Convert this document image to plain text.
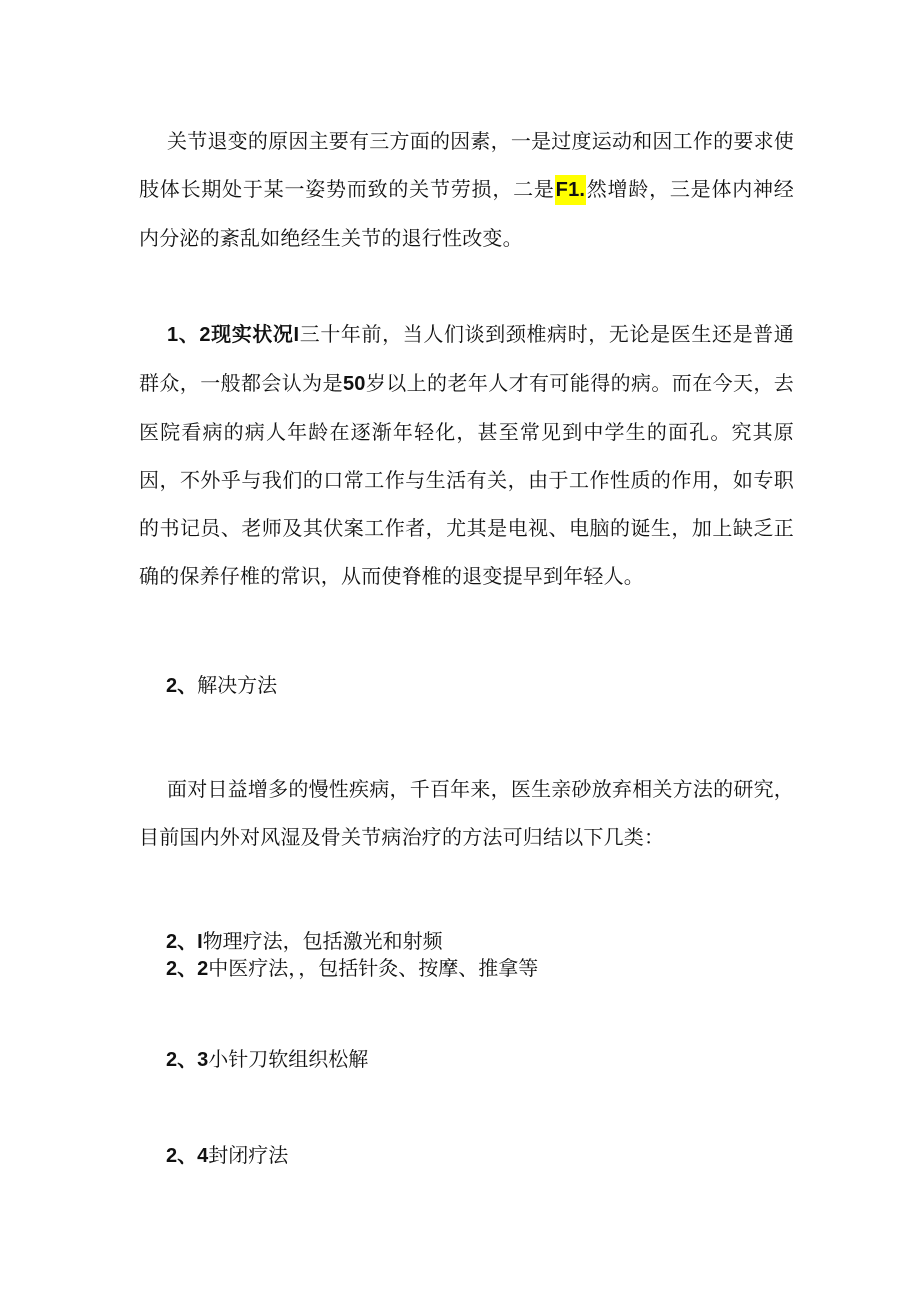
关节退变的原因主要有三方面的因素，一是过度运动和因工作的要求使肢体长期处于某一姿势而致的关节劳损，二是F1.然增龄，三是体内神经内分泌的紊乱如绝经生关节的退行性改变。

1、2现实状况I三十年前，当人们谈到颈椎病时，无论是医生还是普通群众，一般都会认为是50岁以上的老年人才有可能得的病。而在今天，去医院看病的病人年龄在逐渐年轻化，甚至常见到中学生的面孔。究其原因，不外乎与我们的口常工作与生活有关，由于工作性质的作用，如专职的书记员、老师及其伏案工作者，尤其是电视、电脑的诞生，加上缺乏正确的保养仔椎的常识，从而使脊椎的退变提早到年轻人。

2、解决方法

面对日益增多的慢性疾病，千百年来，医生亲砂放弃相关方法的研究，目前国内外对风湿及骨关节病治疗的方法可归结以下几类：

2、I物理疗法，包括激光和射频

2、2中医疗法，，包括针灸、按摩、推拿等

2、3小针刀软组织松解

2、4封闭疗法
